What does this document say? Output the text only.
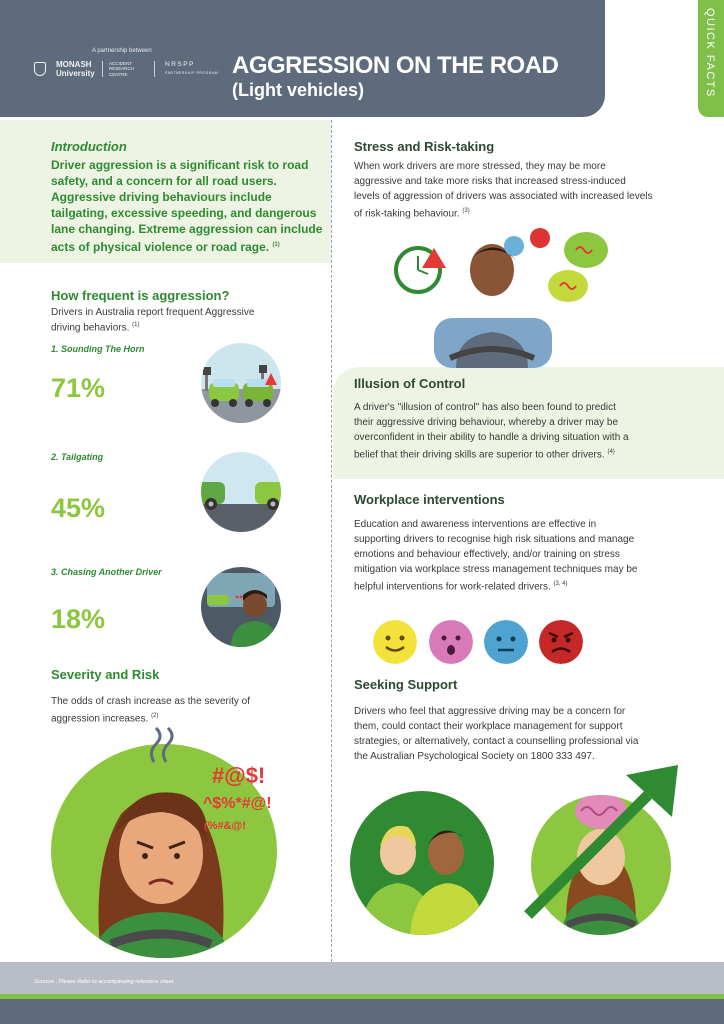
A partnership between
MONASH University
ACCIDENT RESEARCH CENTRE
NRSPP
PARTNERSHIP PROGRAM AGGRESSION ON THE ROAD
(Light vehicles)	QUICK FACTS
Introduction
Driver aggression is a significant risk to road safety, and a concern for all road users. Aggressive driving behaviours include tailgating, excessive speeding, and dangerous lane changing. Extreme aggression can include acts of physical violence or road rage. $^{(1)}$
How frequent is aggression?
Drivers in Australia report frequent Aggressive driving behaviors. $^{(1)}$
1. Sounding The Horn
71%
2. Tailgating
45%
3. Chasing Another Driver
18%
Severity and Risk
The odds of crash increase as the severity of aggression increases. $^{(2)}$
#@$!
^$%*#@!
(%#&@!
Stress and Risk-taking
When work drivers are more stressed, they may be more aggressive and take more risks that increased stress-induced levels of aggression of drivers was associated with increased levels of risk-taking behaviour. $^{(3)}$
Illusion of Control
A driver's "illusion of control" has also been found to predict their aggressive driving behaviour, whereby a driver may be overconfident in their ability to handle a driving situation with a belief that their driving skills are superior to other drivers. $^{(4)}$
Workplace interventions
Education and awareness interventions are effective in supporting drivers to recognise high risk situations and manage emotions and behaviour effectively, and/or training on stress mitigation via workplace stress management techniques may be helpful interventions for work-related drivers. $^{(3, 4)}$
Seeking Support
Drivers who feel that aggressive driving may be a concern for them, could contact their workplace management for support strategies, or alternatively, contact a counselling professional via the Australian Psychological Society on 1800 333 497.
Sources : Please Refer to accompanying reference sheet.
